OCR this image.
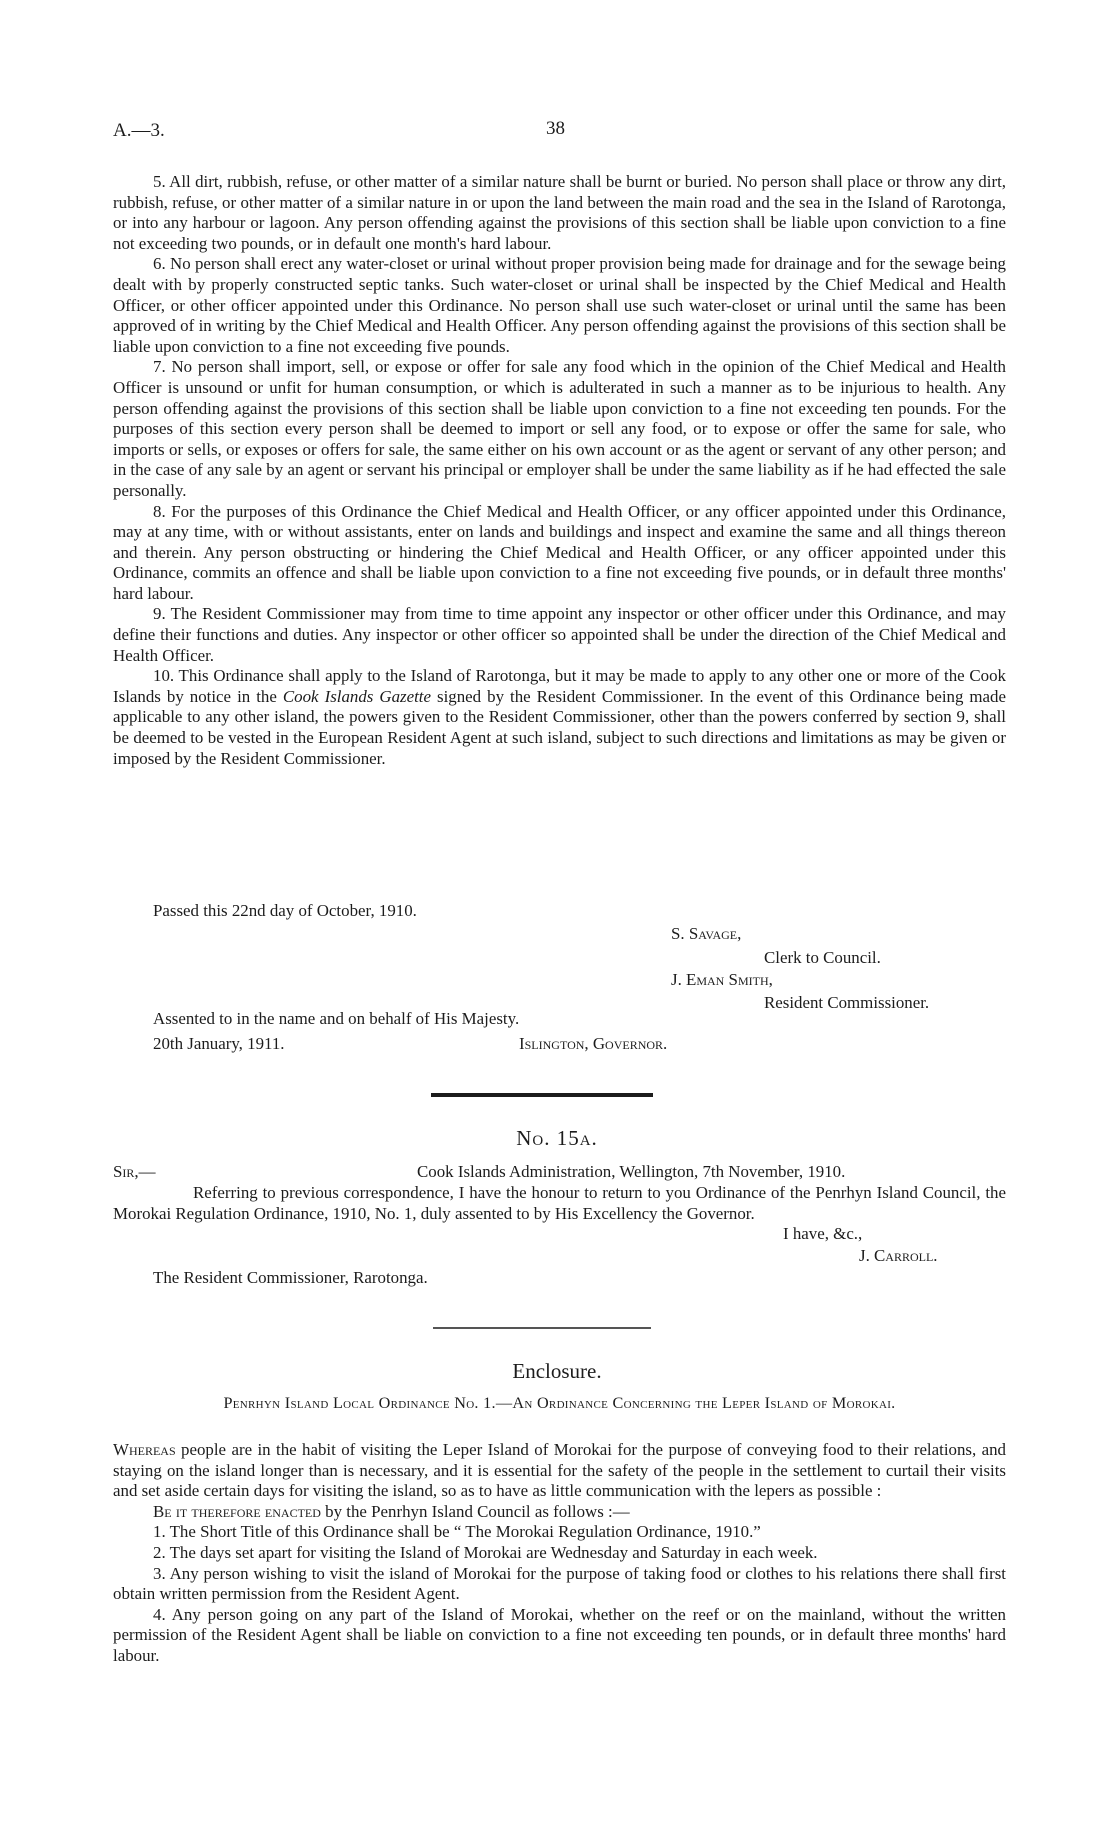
A.—3.	38

5. All dirt, rubbish, refuse, or other matter of a similar nature shall be burnt or buried. No person shall place or throw any dirt, rubbish, refuse, or other matter of a similar nature in or upon the land between the main road and the sea in the Island of Rarotonga, or into any harbour or lagoon. Any person offending against the provisions of this section shall be liable upon conviction to a fine not exceeding two pounds, or in default one month's hard labour.

6. No person shall erect any water-closet or urinal without proper provision being made for drainage and for the sewage being dealt with by properly constructed septic tanks. Such water-closet or urinal shall be inspected by the Chief Medical and Health Officer, or other officer appointed under this Ordinance. No person shall use such water-closet or urinal until the same has been approved of in writing by the Chief Medical and Health Officer. Any person offending against the provisions of this section shall be liable upon conviction to a fine not exceeding five pounds.

7. No person shall import, sell, or expose or offer for sale any food which in the opinion of the Chief Medical and Health Officer is unsound or unfit for human consumption, or which is adulterated in such a manner as to be injurious to health. Any person offending against the provisions of this section shall be liable upon conviction to a fine not exceeding ten pounds. For the purposes of this section every person shall be deemed to import or sell any food, or to expose or offer the same for sale, who imports or sells, or exposes or offers for sale, the same either on his own account or as the agent or servant of any other person; and in the case of any sale by an agent or servant his principal or employer shall be under the same liability as if he had effected the sale personally.

8. For the purposes of this Ordinance the Chief Medical and Health Officer, or any officer appointed under this Ordinance, may at any time, with or without assistants, enter on lands and buildings and inspect and examine the same and all things thereon and therein. Any person obstructing or hindering the Chief Medical and Health Officer, or any officer appointed under this Ordinance, commits an offence and shall be liable upon conviction to a fine not exceeding five pounds, or in default three months' hard labour.

9. The Resident Commissioner may from time to time appoint any inspector or other officer under this Ordinance, and may define their functions and duties. Any inspector or other officer so appointed shall be under the direction of the Chief Medical and Health Officer.

10. This Ordinance shall apply to the Island of Rarotonga, but it may be made to apply to any other one or more of the Cook Islands by notice in the Cook Islands Gazette signed by the Resident Commissioner. In the event of this Ordinance being made applicable to any other island, the powers given to the Resident Commissioner, other than the powers conferred by section 9, shall be deemed to be vested in the European Resident Agent at such island, subject to such directions and limitations as may be given or imposed by the Resident Commissioner.

Passed this 22nd day of October, 1910.
S. Savage,
Clerk to Council.
J. Eman Smith,
Resident Commissioner.
Assented to in the name and on behalf of His Majesty.
20th January, 1911.	Islington, Governor.
No. 15a.
Sir,—	Cook Islands Administration, Wellington, 7th November, 1910.

Referring to previous correspondence, I have the honour to return to you Ordinance of the Penrhyn Island Council, the Morokai Regulation Ordinance, 1910, No. 1, duly assented to by His Excellency the Governor.

I have, &c.,
J. Carroll.
The Resident Commissioner, Rarotonga.
Enclosure.
Penrhyn Island Local Ordinance No. 1.—An Ordinance Concerning the Leper Island of Morokai.

Whereas people are in the habit of visiting the Leper Island of Morokai for the purpose of conveying food to their relations, and staying on the island longer than is necessary, and it is essential for the safety of the people in the settlement to curtail their visits and set aside certain days for visiting the island, so as to have as little communication with the lepers as possible :

Be it therefore enacted by the Penrhyn Island Council as follows :—

1. The Short Title of this Ordinance shall be “ The Morokai Regulation Ordinance, 1910.”

2. The days set apart for visiting the Island of Morokai are Wednesday and Saturday in each week.

3. Any person wishing to visit the island of Morokai for the purpose of taking food or clothes to his relations there shall first obtain written permission from the Resident Agent.

4. Any person going on any part of the Island of Morokai, whether on the reef or on the mainland, without the written permission of the Resident Agent shall be liable on conviction to a fine not exceeding ten pounds, or in default three months' hard labour.
